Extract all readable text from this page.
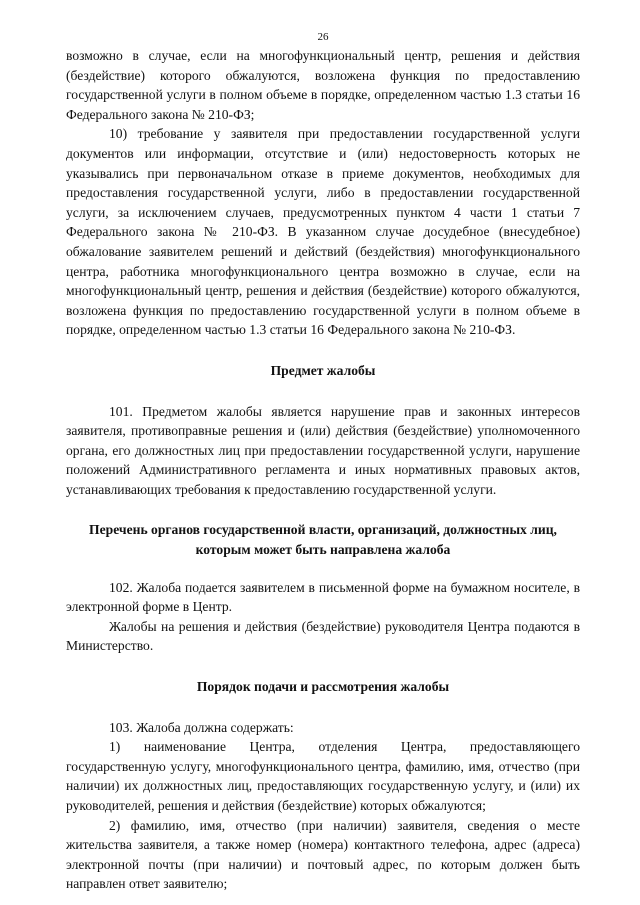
26

возможно в случае, если на многофункциональный центр, решения и действия (бездействие) которого обжалуются, возложена функция по предоставлению государственной услуги в полном объеме в порядке, определенном частью 1.3 статьи 16 Федерального закона № 210-ФЗ;

10) требование у заявителя при предоставлении государственной услуги документов или информации, отсутствие и (или) недостоверность которых не указывались при первоначальном отказе в приеме документов, необходимых для предоставления государственной услуги, либо в предоставлении государственной услуги, за исключением случаев, предусмотренных пунктом 4 части 1 статьи 7 Федерального закона № 210-ФЗ. В указанном случае досудебное (внесудебное) обжалование заявителем решений и действий (бездействия) многофункционального центра, работника многофункционального центра возможно в случае, если на многофункциональный центр, решения и действия (бездействие) которого обжалуются, возложена функция по предоставлению государственной услуги в полном объеме в порядке, определенном частью 1.3 статьи 16 Федерального закона № 210-ФЗ.

Предмет жалобы

101. Предметом жалобы является нарушение прав и законных интересов заявителя, противоправные решения и (или) действия (бездействие) уполномоченного органа, его должностных лиц при предоставлении государственной услуги, нарушение положений Административного регламента и иных нормативных правовых актов, устанавливающих требования к предоставлению государственной услуги.

Перечень органов государственной власти, организаций, должностных лиц, которым может быть направлена жалоба

102. Жалоба подается заявителем в письменной форме на бумажном носителе, в электронной форме в Центр.

Жалобы на решения и действия (бездействие) руководителя Центра подаются в Министерство.

Порядок подачи и рассмотрения жалобы

103. Жалоба должна содержать:

1) наименование Центра, отделения Центра, предоставляющего государственную услугу, многофункционального центра, фамилию, имя, отчество (при наличии) их должностных лиц, предоставляющих государственную услугу, и (или) их руководителей, решения и действия (бездействие) которых обжалуются;

2) фамилию, имя, отчество (при наличии) заявителя, сведения о месте жительства заявителя, а также номер (номера) контактного телефона, адрес (адреса) электронной почты (при наличии) и почтовый адрес, по которым должен быть направлен ответ заявителю;
